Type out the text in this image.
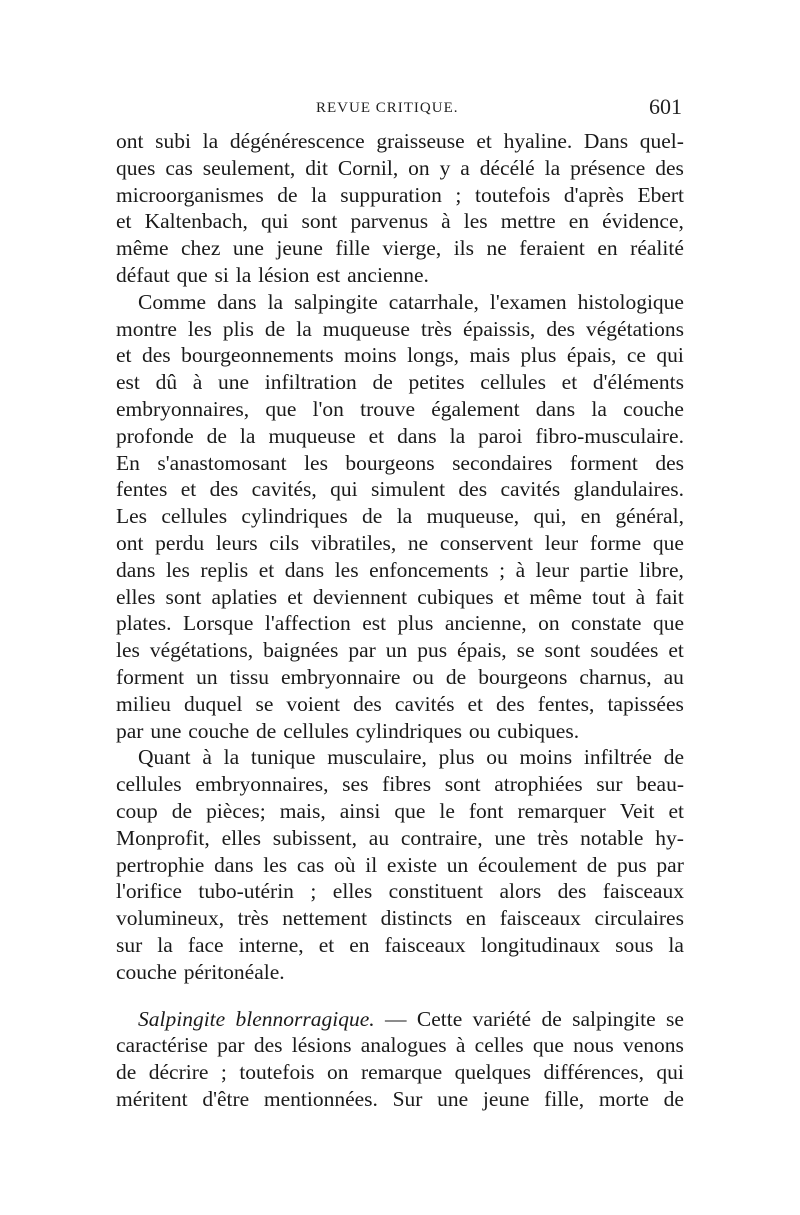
REVUE CRITIQUE.	601
ont subi la dégénérescence graisseuse et hyaline. Dans quel-
ques cas seulement, dit Cornil, on y a décélé la présence des
microorganismes de la suppuration ; toutefois d'après Ebert
et Kaltenbach, qui sont parvenus à les mettre en évidence,
même chez une jeune fille vierge, ils ne feraient en réalité
défaut que si la lésion est ancienne.
Comme dans la salpingite catarrhale, l'examen histologique
montre les plis de la muqueuse très épaissis, des végétations
et des bourgeonnements moins longs, mais plus épais, ce qui
est dû à une infiltration de petites cellules et d'éléments
embryonnaires, que l'on trouve également dans la couche
profonde de la muqueuse et dans la paroi fibro-musculaire.
En s'anastomosant les bourgeons secondaires forment des
fentes et des cavités, qui simulent des cavités glandulaires.
Les cellules cylindriques de la muqueuse, qui, en général,
ont perdu leurs cils vibratiles, ne conservent leur forme que
dans les replis et dans les enfoncements ; à leur partie libre,
elles sont aplaties et deviennent cubiques et même tout à fait
plates. Lorsque l'affection est plus ancienne, on constate que
les végétations, baignées par un pus épais, se sont soudées et
forment un tissu embryonnaire ou de bourgeons charnus, au
milieu duquel se voient des cavités et des fentes, tapissées
par une couche de cellules cylindriques ou cubiques.
Quant à la tunique musculaire, plus ou moins infiltrée de
cellules embryonnaires, ses fibres sont atrophiées sur beau-
coup de pièces; mais, ainsi que le font remarquer Veit et
Monprofit, elles subissent, au contraire, une très notable hy-
pertrophie dans les cas où il existe un écoulement de pus par
l'orifice tubo-utérin ; elles constituent alors des faisceaux
volumineux, très nettement distincts en faisceaux circulaires
sur la face interne, et en faisceaux longitudinaux sous la
couche péritonéale.
Salpingite blennorragique. — Cette variété de salpingite se
caractérise par des lésions analogues à celles que nous venons
de décrire ; toutefois on remarque quelques différences, qui
méritent d'être mentionnées. Sur une jeune fille, morte de
